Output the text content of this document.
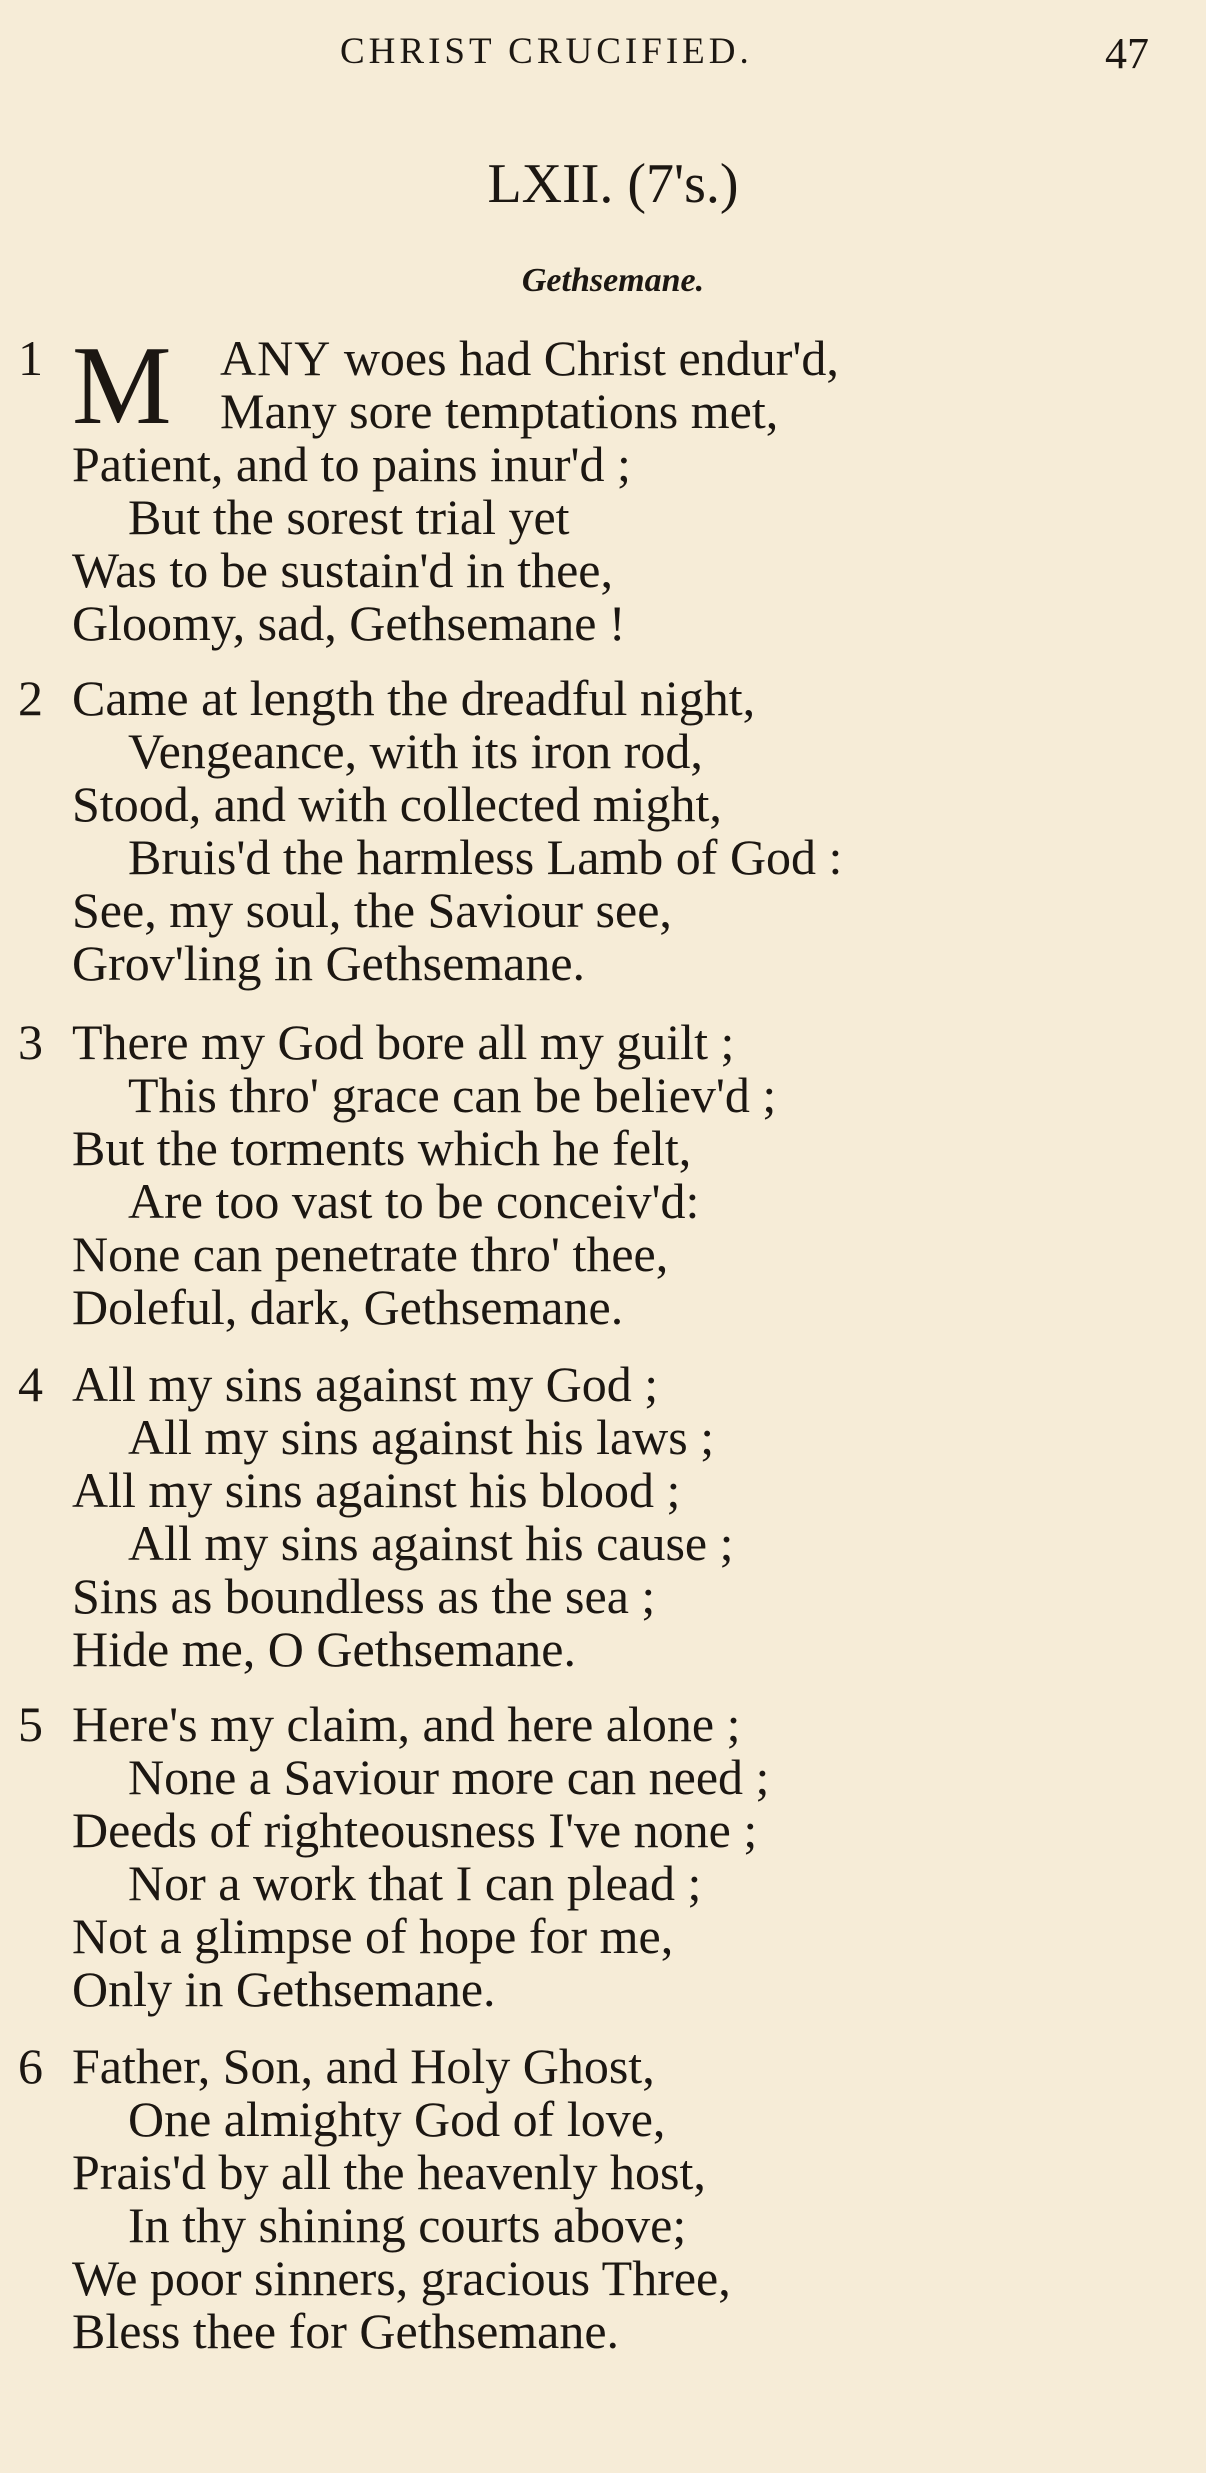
CHRIST CRUCIFIED.	47
LXII. (7's.)
Gethsemane.
1 M ANY woes had Christ endur'd,
Many sore temptations met,
Patient, and to pains inur'd ;
But the sorest trial yet
Was to be sustain'd in thee,
Gloomy, sad, Gethsemane !
2 Came at length the dreadful night,
Vengeance, with its iron rod,
Stood, and with collected might,
Bruis'd the harmless Lamb of God :
See, my soul, the Saviour see,
Grov'ling in Gethsemane.
3 There my God bore all my guilt ;
This thro' grace can be believ'd ;
But the torments which he felt,
Are too vast to be conceiv'd:
None can penetrate thro' thee,
Doleful, dark, Gethsemane.
4 All my sins against my God ;
All my sins against his laws ;
All my sins against his blood ;
All my sins against his cause ;
Sins as boundless as the sea ;
Hide me, O Gethsemane.
5 Here's my claim, and here alone ;
None a Saviour more can need ;
Deeds of righteousness I've none ;
Nor a work that I can plead ;
Not a glimpse of hope for me,
Only in Gethsemane.
6 Father, Son, and Holy Ghost,
One almighty God of love,
Prais'd by all the heavenly host,
In thy shining courts above;
We poor sinners, gracious Three,
Bless thee for Gethsemane.
